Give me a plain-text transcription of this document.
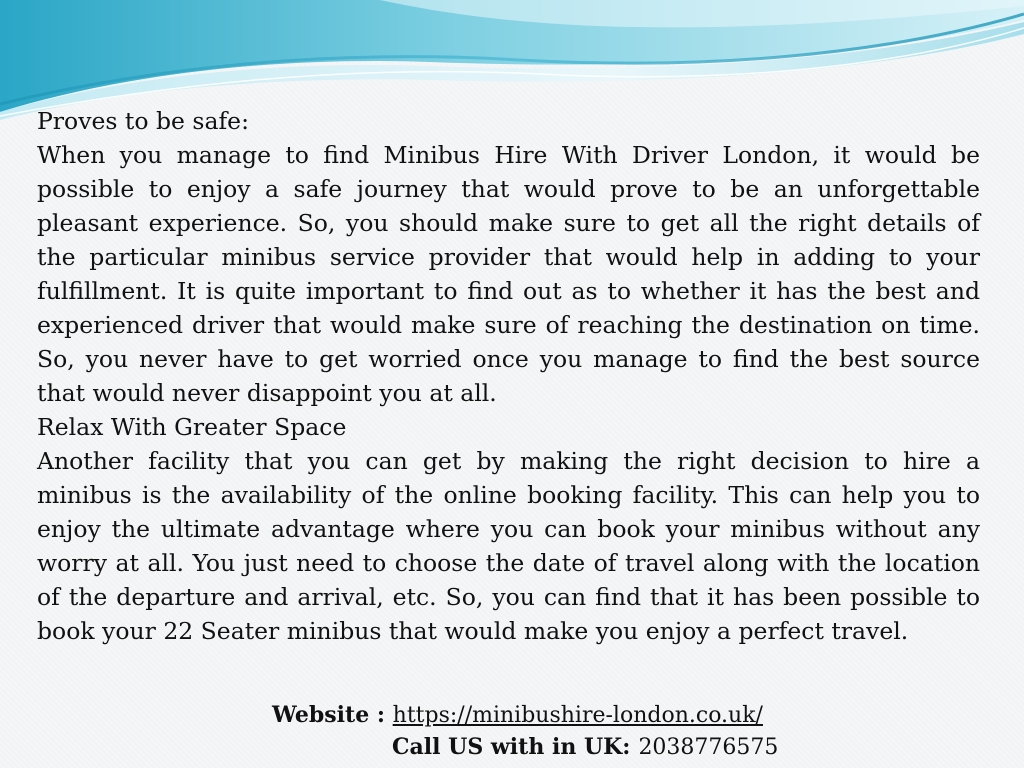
Proves to be safe:

When you manage to find Minibus Hire With Driver London, it would be possible to enjoy a safe journey that would prove to be an unforgettable pleasant experience. So, you should make sure to get all the right details of the particular minibus service provider that would help in adding to your fulfillment. It is quite important to find out as to whether it has the best and experienced driver that would make sure of reaching the destination on time. So, you never have to get worried once you manage to find the best source that would never disappoint you at all.

Relax With Greater Space

Another facility that you can get by making the right decision to hire a minibus is the availability of the online booking facility. This can help you to enjoy the ultimate advantage where you can book your minibus without any worry at all. You just need to choose the date of travel along with the location of the departure and arrival, etc. So, you can find that it has been possible to book your 22 Seater minibus that would make you enjoy a perfect travel.

Website : https://minibushire-london.co.uk/
Call US with in UK: 2038776575
